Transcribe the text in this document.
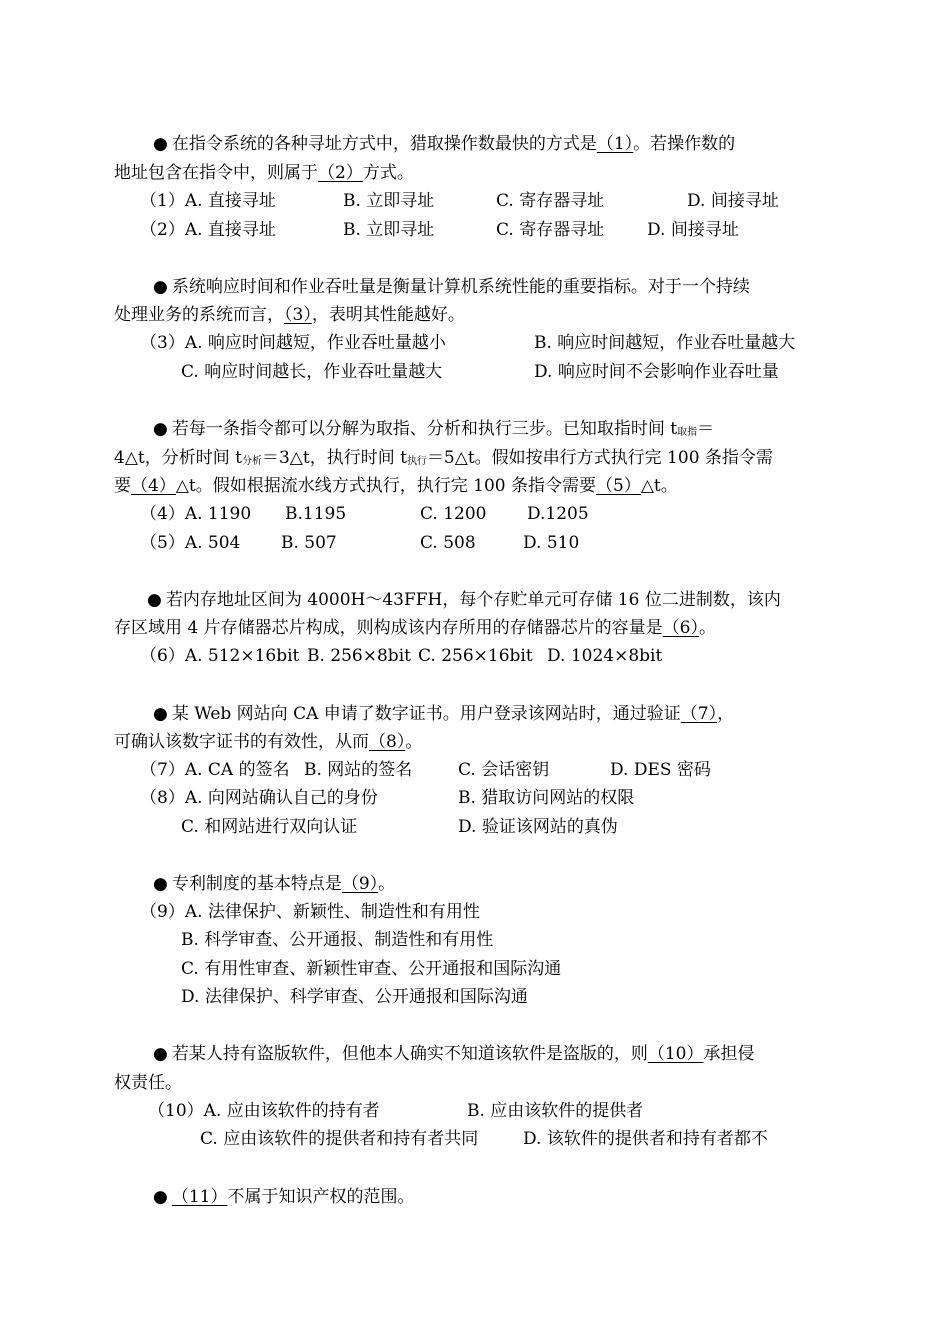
● 在指令系统的各种寻址方式中，猎取操作数最快的方式是（1）。若操作数的
地址包含在指令中，则属于（2）方式。
（1）A. 直接寻址	B. 立即寻址	C. 寄存器寻址	D. 间接寻址
（2）A. 直接寻址	B. 立即寻址	C. 寄存器寻址	D. 间接寻址
● 系统响应时间和作业吞吐量是衡量计算机系统性能的重要指标。对于一个持续
处理业务的系统而言，（3），表明其性能越好。
（3）A. 响应时间越短，作业吞吐量越小	B. 响应时间越短，作业吞吐量越大
C. 响应时间越长，作业吞吐量越大	D. 响应时间不会影响作业吞吐量
● 若每一条指令都可以分解为取指、分析和执行三步。已知取指时间 t取指＝
4△t，分析时间 t分析＝3△t，执行时间 t执行＝5△t。假如按串行方式执行完 100 条指令需
要（4）△t。假如根据流水线方式执行，执行完 100 条指令需要（5）△t。
（4）A. 1190 B.1195	C. 1200 D.1205
（5）A. 504 B. 507	C. 508	D. 510
● 若内存地址区间为 4000H～43FFH，每个存贮单元可存储 16 位二进制数，该内
存区域用 4 片存储器芯片构成，则构成该内存所用的存储器芯片的容量是（6）。
（6）A. 512×16bit B. 256×8bit C. 256×16bit D. 1024×8bit
● 某 Web 网站向 CA 申请了数字证书。用户登录该网站时，通过验证（7），
可确认该数字证书的有效性，从而（8）。
（7）A. CA 的签名 B. 网站的签名	C. 会话密钥	D. DES 密码
（8）A. 向网站确认自己的身份	B. 猎取访问网站的权限
C. 和网站进行双向认证	D. 验证该网站的真伪
● 专利制度的基本特点是（9）。
（9）A. 法律保护、新颖性、制造性和有用性
B. 科学审查、公开通报、制造性和有用性
C. 有用性审查、新颖性审查、公开通报和国际沟通
D. 法律保护、科学审查、公开通报和国际沟通
● 若某人持有盗版软件，但他本人确实不知道该软件是盗版的，则（10）承担侵
权责任。
（10）A. 应由该软件的持有者	B. 应由该软件的提供者
C. 应由该软件的提供者和持有者共同	D. 该软件的提供者和持有者都不
● （11）不属于知识产权的范围。
